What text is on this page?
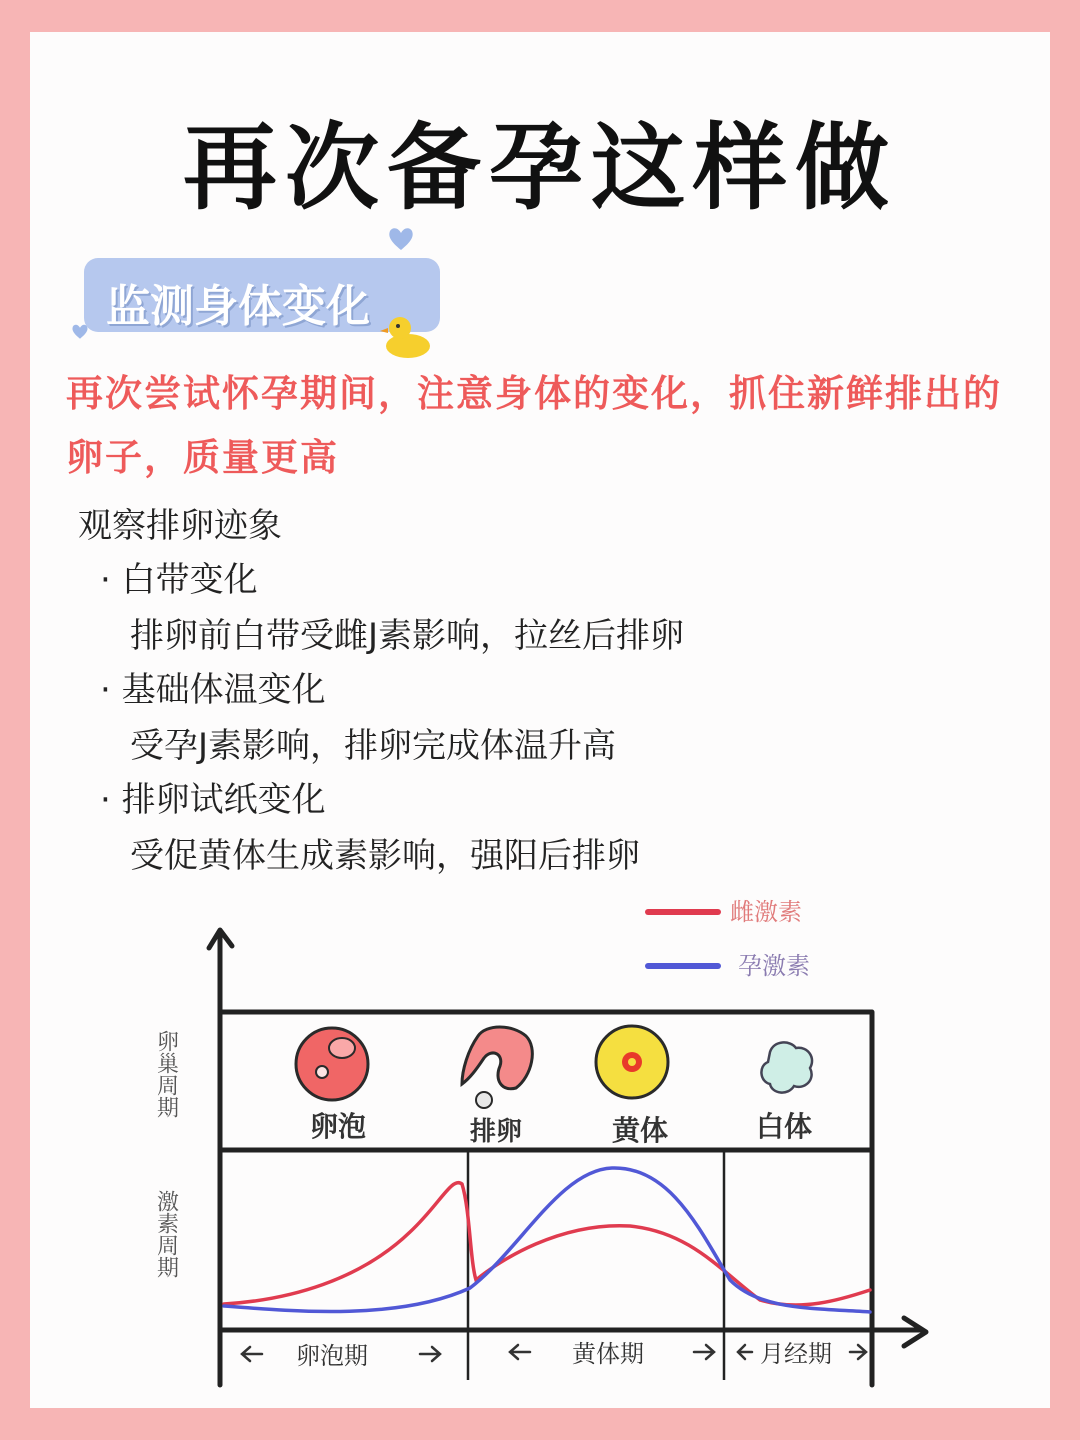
再次备孕这样做
监测身体变化
再次尝试怀孕期间，注意身体的变化，抓住新鲜排出的卵子，质量更高
观察排卵迹象
· 白带变化
排卵前白带受雌J素影响，拉丝后排卵
· 基础体温变化
受孕J素影响，排卵完成体温升高
· 排卵试纸变化
受促黄体生成素影响，强阳后排卵
雌激素
孕激素
卵巢周期
激素周期
卵泡	排卵	黄体	白体
卵泡期	黄体期	月经期
